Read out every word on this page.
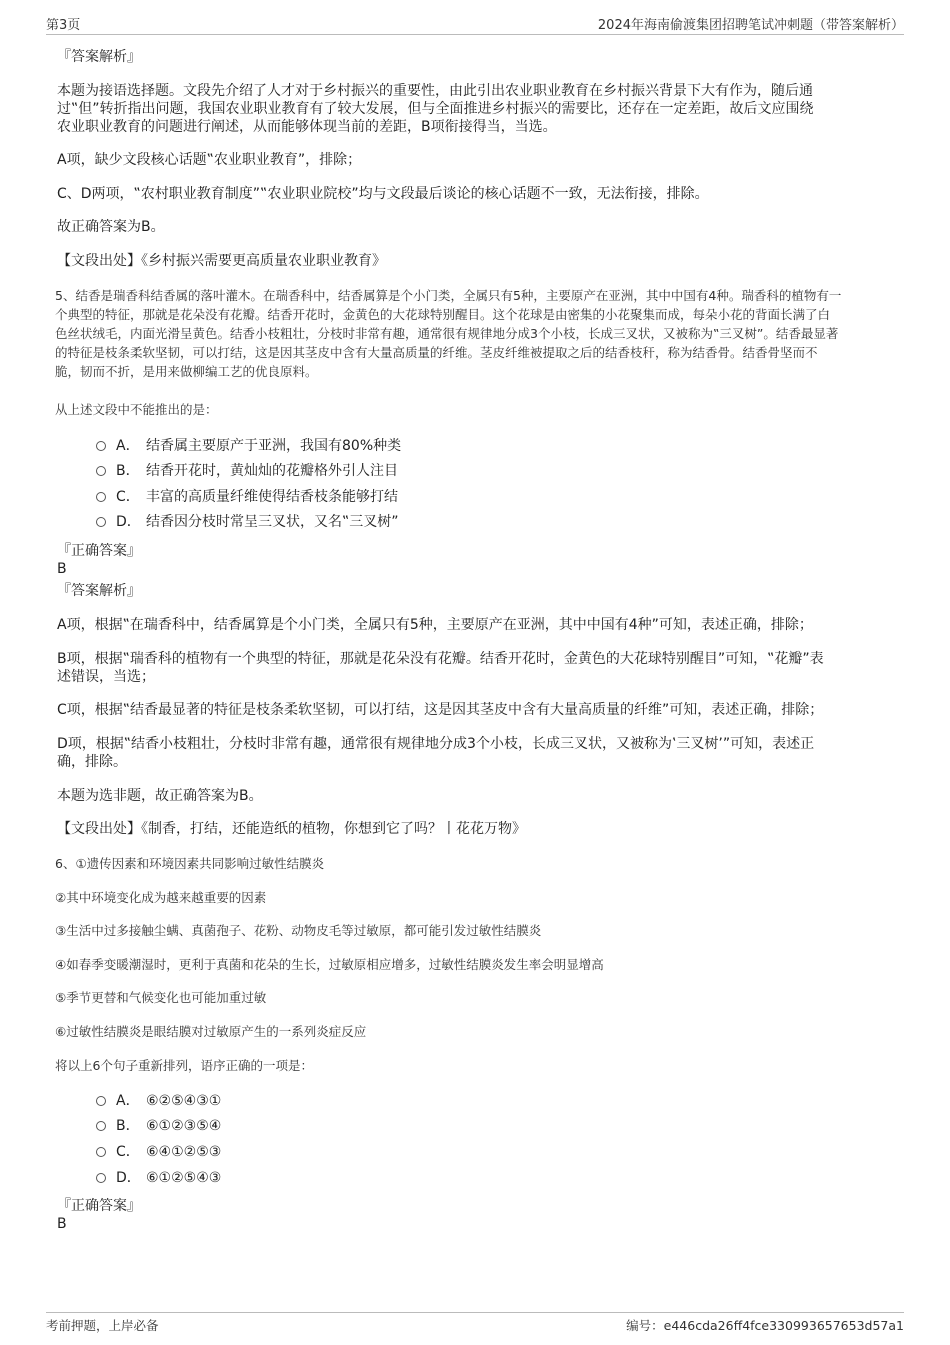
第3页	2024年海南偷渡集团招聘笔试冲刺题（带答案解析）
『答案解析』
本题为接语选择题。文段先介绍了人才对于乡村振兴的重要性，由此引出农业职业教育在乡村振兴背景下大有作为，随后通
过‟但”转折指出问题，我国农业职业教育有了较大发展，但与全面推进乡村振兴的需要比，还存在一定差距，故后文应围绕
农业职业教育的问题进行阐述，从而能够体现当前的差距，B项衔接得当，当选。
A项，缺少文段核心话题‟农业职业教育”，排除；
C、D两项，‟农村职业教育制度”‟农业职业院校”均与文段最后谈论的核心话题不一致，无法衔接，排除。
故正确答案为B。
【文段出处】《乡村振兴需要更高质量农业职业教育》
5、结香是瑞香科结香属的落叶灌木。在瑞香科中，结香属算是个小门类，全属只有5种，主要原产在亚洲，其中中国有4种。瑞香科的植物有一
个典型的特征，那就是花朵没有花瓣。结香开花时，金黄色的大花球特别醒目。这个花球是由密集的小花聚集而成，每朵小花的背面长满了白
色丝状绒毛，内面光滑呈黄色。结香小枝粗壮，分枝时非常有趣，通常很有规律地分成3个小枝，长成三叉状，又被称为‟三叉树”。结香最显著
的特征是枝条柔软坚韧，可以打结，这是因其茎皮中含有大量高质量的纤维。茎皮纤维被提取之后的结香枝秆，称为结香骨。结香骨坚而不
脆，韧而不折，是用来做柳编工艺的优良原料。
从上述文段中不能推出的是：
A． 结香属主要原产于亚洲，我国有80%种类
B． 结香开花时，黄灿灿的花瓣格外引人注目
C． 丰富的高质量纤维使得结香枝条能够打结
D． 结香因分枝时常呈三叉状，又名‟三叉树”
『正确答案』
B
『答案解析』
A项，根据‟在瑞香科中，结香属算是个小门类，全属只有5种，主要原产在亚洲，其中中国有4种”可知，表述正确，排除；
B项，根据‟瑞香科的植物有一个典型的特征，那就是花朵没有花瓣。结香开花时，金黄色的大花球特别醒目”可知，‟花瓣”表
述错误，当选；
C项，根据‟结香最显著的特征是枝条柔软坚韧，可以打结，这是因其茎皮中含有大量高质量的纤维”可知，表述正确，排除；
D项，根据‟结香小枝粗壮，分枝时非常有趣，通常很有规律地分成3个小枝，长成三叉状，又被称为‛三叉树’”可知，表述正
确，排除。
本题为选非题，故正确答案为B。
【文段出处】《制香，打结，还能造纸的植物，你想到它了吗？丨花花万物》
6、①遗传因素和环境因素共同影响过敏性结膜炎
②其中环境变化成为越来越重要的因素
③生活中过多接触尘螨、真菌孢子、花粉、动物皮毛等过敏原，都可能引发过敏性结膜炎
④如春季变暖潮湿时，更利于真菌和花朵的生长，过敏原相应增多，过敏性结膜炎发生率会明显增高
⑤季节更替和气候变化也可能加重过敏
⑥过敏性结膜炎是眼结膜对过敏原产生的一系列炎症反应
将以上6个句子重新排列，语序正确的一项是：
A． ⑥②⑤④③①
B． ⑥①②③⑤④
C． ⑥④①②⑤③
D． ⑥①②⑤④③
『正确答案』
B
考前押题，上岸必备	编号：e446cda26ff4fce330993657653d57a1
